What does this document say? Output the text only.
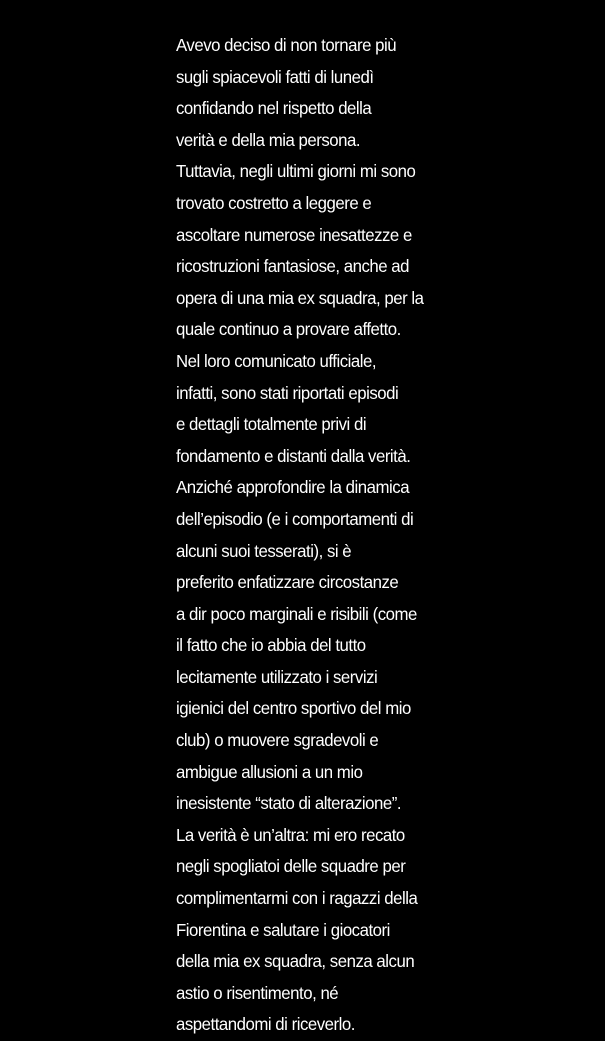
Avevo deciso di non tornare più
sugli spiacevoli fatti di lunedì
confidando nel rispetto della
verità e della mia persona.
Tuttavia, negli ultimi giorni mi sono
trovato costretto a leggere e
ascoltare numerose inesattezze e
ricostruzioni fantasiose, anche ad
opera di una mia ex squadra, per la
quale continuo a provare affetto.
Nel loro comunicato ufficiale,
infatti, sono stati riportati episodi
e dettagli totalmente privi di
fondamento e distanti dalla verità.
Anziché approfondire la dinamica
dell’episodio (e i comportamenti di
alcuni suoi tesserati), si è
preferito enfatizzare circostanze
a dir poco marginali e risibili (come
il fatto che io abbia del tutto
lecitamente utilizzato i servizi
igienici del centro sportivo del mio
club) o muovere sgradevoli e
ambigue allusioni a un mio
inesistente “stato di alterazione”.
La verità è un’altra: mi ero recato
negli spogliatoi delle squadre per
complimentarmi con i ragazzi della
Fiorentina e salutare i giocatori
della mia ex squadra, senza alcun
astio o risentimento, né
aspettandomi di riceverlo.
